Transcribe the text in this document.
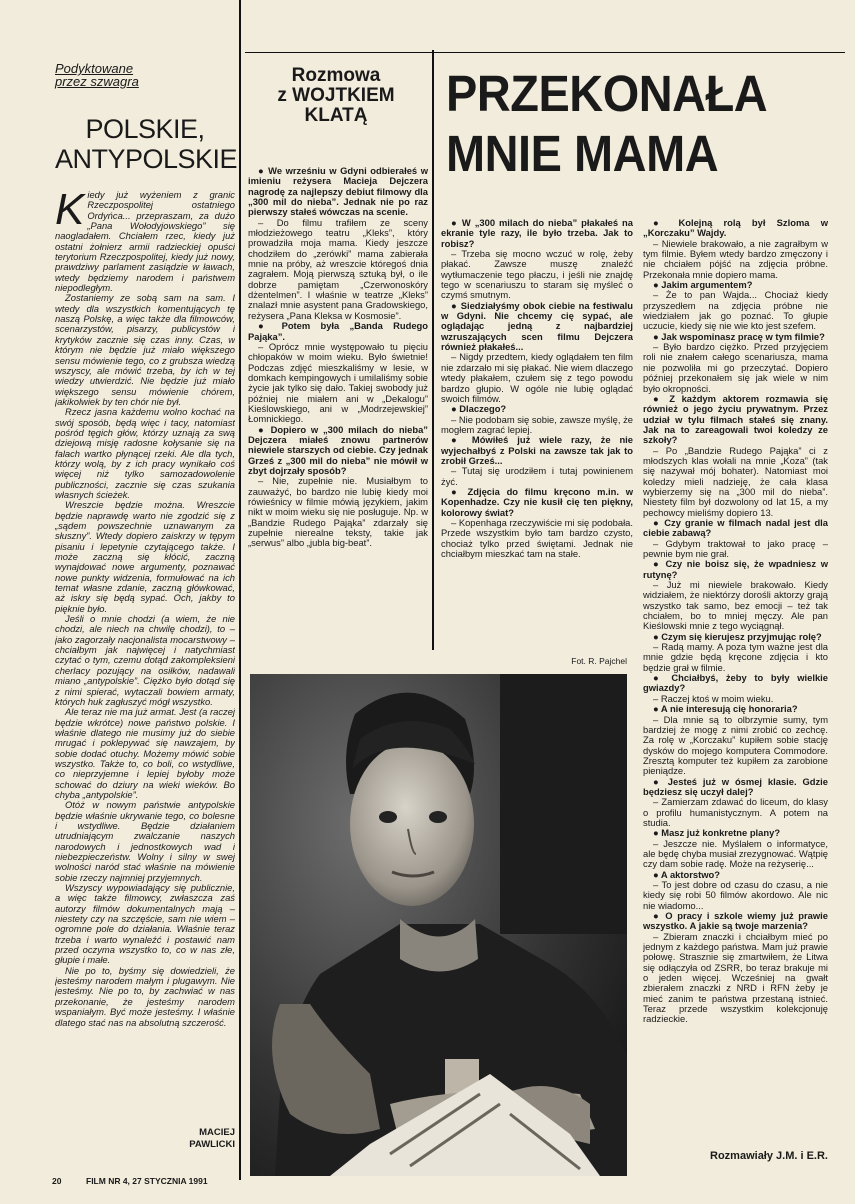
Podyktowane
przez szwagra
POLSKIE,
ANTYPOLSKIE

Kiedy już wyżeniem z granic Rzeczpospolitej ostatniego Ordyńca... przepraszam, za dużo „Pana Wołodyjowskiego” się naogladałem. Chciałem rzec, kiedy już ostatni żołnierz armii radzieckiej opuści terytorium Rzeczpospolitej, kiedy już nowy, prawdziwy parlament zasiądzie w ławach, wtedy będziemy narodem i państwem niepodległym.

Zostaniemy ze sobą sam na sam. I wtedy dla wszystkich komentujących tę naszą Polskę, a więc także dla filmowców, scenarzystów, pisarzy, publicystów i krytyków zacznie się czas inny. Czas, w którym nie będzie już miało większego sensu mówienie tego, co z grubsza wiedzą wszyscy, ale mówić trzeba, by ich w tej wiedzy utwierdzić. Nie będzie już miało większego sensu mówienie chórem, jakikolwiek by ten chór nie był.

Rzecz jasna każdemu wolno kochać na swój sposób, będą więc i tacy, natomiast pośród tęgich głów, którzy uznają za swą dziejową misję radosne kołysanie się na falach wartko płynącej rzeki. Ale dla tych, którzy wolą, by z ich pracy wynikało coś więcej niż tylko samozadowolenie publiczności, zacznie się czas szukania własnych ścieżek.

Wreszcie będzie można. Wreszcie będzie naprawdę warto nie zgodzić się z „sądem powszechnie uznawanym za słuszny”. Wtedy dopiero zaiskrzy w tępym pisaniu i lepetynie czytającego także. I może zaczną się kłócić, zaczną wynajdować nowe argumenty, poznawać nowe punkty widzenia, formułować na ich temat własne zdanie, zaczną główkować, aż iskry się będą sypać. Och, jakby to pięknie było.

Jeśli o mnie chodzi (a wiem, że nie chodzi, ale niech na chwilę chodzi), to – jako zagorzały nacjonalista mocarstwowy – chciałbym jak najwięcej i natychmiast czytać o tym, czemu dotąd zakompleksieni cherlacy pozujący na osiłków, nadawali miano „antypolskie”. Ciężko było dotąd się z nimi spierać, wytaczali bowiem armaty, których huk zagłuszyć mógł wszystko.

Ale teraz nie ma już armat. Jest (a raczej będzie wkrótce) nowe państwo polskie. I właśnie dlatego nie musimy już do siebie mrugać i poklepywać się nawzajem, by sobie dodać otuchy. Możemy mówić sobie wszystko. Także to, co boli, co wstydliwe, co nieprzyjemne i lepiej byłoby może schować do dziury na wieki wieków. Bo chyba „antypolskie”.

Otóż w nowym państwie antypolskie będzie właśnie ukrywanie tego, co bolesne i wstydliwe. Będzie działaniem utrudniającym zwalczanie naszych narodowych i jednostkowych wad i niebezpieczeństw. Wolny i silny w swej wolności naród stać właśnie na mówienie sobie rzeczy najmniej przyjemnych.

Wszyscy wypowiadający się publicznie, a więc także filmowcy, zwłaszcza zaś autorzy filmów dokumentalnych mają – niestety czy na szczęście, sam nie wiem – ogromne pole do działania. Właśnie teraz trzeba i warto wynaleźć i postawić nam przed oczyma wszystko to, co w nas złe, głupie i małe.

Nie po to, byśmy się dowiedzieli, że jesteśmy narodem małym i plugawym. Nie jesteśmy. Nie po to, by zachwiać w nas przekonanie, że jesteśmy narodem wspaniałym. Być może jesteśmy. I właśnie dlatego stać nas na absolutną szczerość.

MACIEJ
PAWLICKI
Rozmowa
z WOJTKIEM
KLATĄ	PRZEKONAŁA
MNIE MAMA

● We wrześniu w Gdyni odbierałeś w imieniu reżysera Macieja Dejczera nagrodę za najlepszy debiut filmowy dla „300 mil do nieba”. Jednak nie po raz pierwszy stałeś wówczas na scenie.

– Do filmu trafiłem ze sceny młodzieżowego teatru „Kleks”, który prowadziła moja mama. Kiedy jeszcze chodziłem do „zerówki” mama zabierała mnie na próby, aż wreszcie któregoś dnia zagrałem. Moją pierwszą sztuką był, o ile dobrze pamiętam „Czerwonoskóry dżentelmen”. I właśnie w teatrze „Kleks” znalazł mnie asystent pana Gradowskiego, reżysera „Pana Kleksa w Kosmosie”.

● Potem była „Banda Rudego Pająka”.

– Oprócz mnie występowało tu pięciu chłopaków w moim wieku. Było świetnie! Podczas zdjęć mieszkaliśmy w lesie, w domkach kempingowych i umilaliśmy sobie życie jak tylko się dało. Takiej swobody już później nie miałem ani w „Dekalogu” Kieślowskiego, ani w „Modrzejewskiej” Łomnickiego.

● Dopiero w „300 milach do nieba” Dejczera miałeś znowu partnerów niewiele starszych od ciebie. Czy jednak Grześ z „300 mil do nieba” nie mówił w zbyt dojrzały sposób?

– Nie, zupełnie nie. Musiałbym to zauważyć, bo bardzo nie lubię kiedy moi rówieśnicy w filmie mówią językiem, jakim nikt w moim wieku się nie posługuje. Np. w „Bandzie Rudego Pająka” zdarzały się zupełnie nierealne teksty, takie jak „serwus” albo „jubla big-beat”.

● W „300 milach do nieba” płakałeś na ekranie tyle razy, ile było trzeba. Jak to robisz?

– Trzeba się mocno wczuć w rolę, żeby płakać. Zawsze muszę znaleźć wytłumaczenie tego płaczu, i jeśli nie znajdę tego w scenariuszu to staram się myśleć o czymś smutnym.

● Siedziałyśmy obok ciebie na festiwalu w Gdyni. Nie chcemy cię sypać, ale oglądając jedną z najbardziej wzruszających scen filmu Dejczera również płakałeś...

– Nigdy przedtem, kiedy oglądałem ten film nie zdarzało mi się płakać. Nie wiem dlaczego wtedy płakałem, czułem się z tego powodu bardzo głupio. W ogóle nie lubię oglądać swoich filmów.

● Dlaczego?

– Nie podobam się sobie, zawsze myślę, że mogłem zagrać lepiej.

● Mówiłeś już wiele razy, że nie wyjechałbyś z Polski na zawsze tak jak to zrobił Grześ...

– Tutaj się urodziłem i tutaj powinienem żyć.

● Zdjęcia do filmu kręcono m.in. w Kopenhadze. Czy nie kusił cię ten piękny, kolorowy świat?

– Kopenhaga rzeczywiście mi się podobała. Przede wszystkim było tam bardzo czysto, chociaż tylko przed świętami. Jednak nie chciałbym mieszkać tam na stałe.

● Kolejną rolą był Szloma w „Korczaku” Wajdy.

– Niewiele brakowało, a nie zagrałbym w tym filmie. Byłem wtedy bardzo zmęczony i nie chciałem pójść na zdjęcia próbne. Przekonała mnie dopiero mama.

● Jakim argumentem?

– Że to pan Wajda... Chociaż kiedy przyszedłem na zdjęcia próbne nie wiedziałem jak go poznać. To głupie uczucie, kiedy się nie wie kto jest szefem.

● Jak wspominasz pracę w tym filmie?

– Było bardzo ciężko. Przed przyjęciem roli nie znałem całego scenariusza, mama nie pozwoliła mi go przeczytać. Dopiero później przekonałem się jak wiele w nim było okropności.

● Z każdym aktorem rozmawia się również o jego życiu prywatnym. Przez udział w tylu filmach stałeś się znany. Jak na to zareagowali twoi koledzy ze szkoły?

– Po „Bandzie Rudego Pająka” ci z młodszych klas wołali na mnie „Koza” (tak się nazywał mój bohater). Natomiast moi koledzy mieli nadzieję, że cała klasa wybierzemy się na „300 mil do nieba”. Niestety film był dozwolony od lat 15, a my pechowcy mieliśmy dopiero 13.

● Czy granie w filmach nadal jest dla ciebie zabawą?

– Gdybym traktował to jako pracę – pewnie bym nie grał.

● Czy nie boisz się, że wpadniesz w rutynę?

– Już mi niewiele brakowało. Kiedy widziałem, że niektórzy dorośli aktorzy grają wszystko tak samo, bez emocji – też tak chciałem, bo to mniej męczy. Ale pan Kieślowski mnie z tego wyciągnął.

● Czym się kierujesz przyjmując rolę?

– Radą mamy. A poza tym ważne jest dla mnie gdzie będą kręcone zdjęcia i kto będzie grał w filmie.

● Chciałbyś, żeby to były wielkie gwiazdy?

– Raczej ktoś w moim wieku.

● A nie interesują cię honoraria?

– Dla mnie są to olbrzymie sumy, tym bardziej że mogę z nimi zrobić co zechcę. Za rolę w „Korczaku” kupiłem sobie stację dysków do mojego komputera Commodore. Zresztą komputer też kupiłem za zarobione pieniądze.

● Jesteś już w ósmej klasie. Gdzie będziesz się uczył dalej?

– Zamierzam zdawać do liceum, do klasy o profilu humanistycznym. A potem na studia.

● Masz już konkretne plany?

– Jeszcze nie. Myślałem o informatyce, ale będę chyba musiał zrezygnować. Wątpię czy dam sobie radę. Może na reżyserię...

● A aktorstwo?

– To jest dobre od czasu do czasu, a nie kiedy się robi 50 filmów akordowo. Ale nic nie wiadomo...

● O pracy i szkole wiemy już prawie wszystko. A jakie są twoje marzenia?

– Zbieram znaczki i chciałbym mieć po jednym z każdego państwa. Mam już prawie połowę. Strasznie się zmartwiłem, że Litwa się odłączyła od ZSRR, bo teraz brakuje mi o jeden więcej. Wcześniej na gwałt zbierałem znaczki z NRD i RFN żeby je mieć zanim te państwa przestaną istnieć. Teraz przede wszystkim kolekcjonuję radzieckie.

Fot. R. Pajchel
Rozmawiały J.M. i E.R.
20	FILM NR 4, 27 STYCZNIA 1991
